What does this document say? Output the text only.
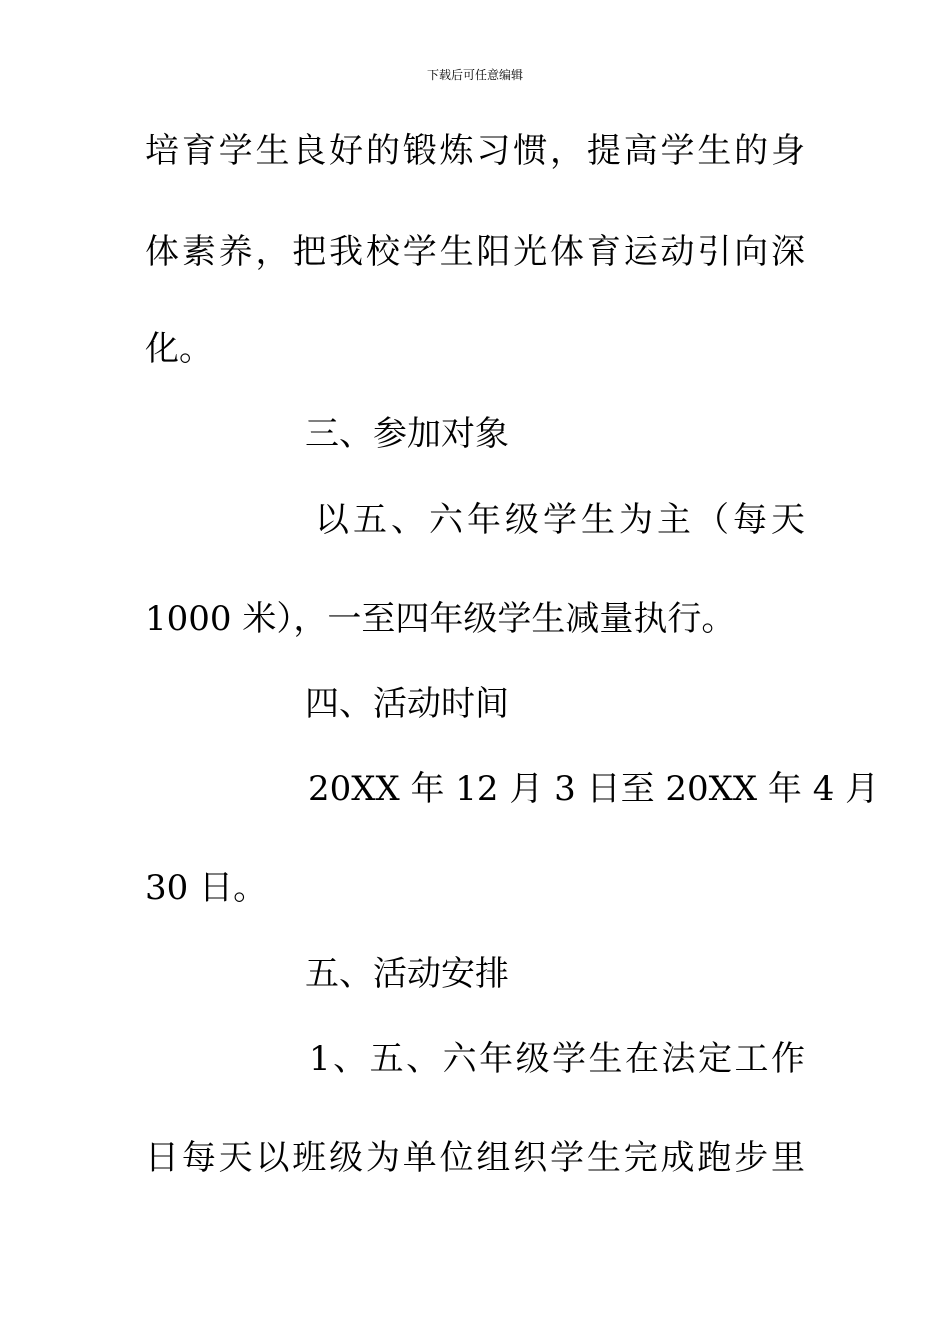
下载后可任意编辑
培育学生良好的锻炼习惯，提高学生的身
体素养，把我校学生阳光体育运动引向深
化。
三、参加对象
以五、六年级学生为主（每天
1000 米），一至四年级学生减量执行。
四、活动时间
20XX 年 12 月 3 日至 20XX 年 4 月
30 日。
五、活动安排
1、五、六年级学生在法定工作
日每天以班级为单位组织学生完成跑步里
